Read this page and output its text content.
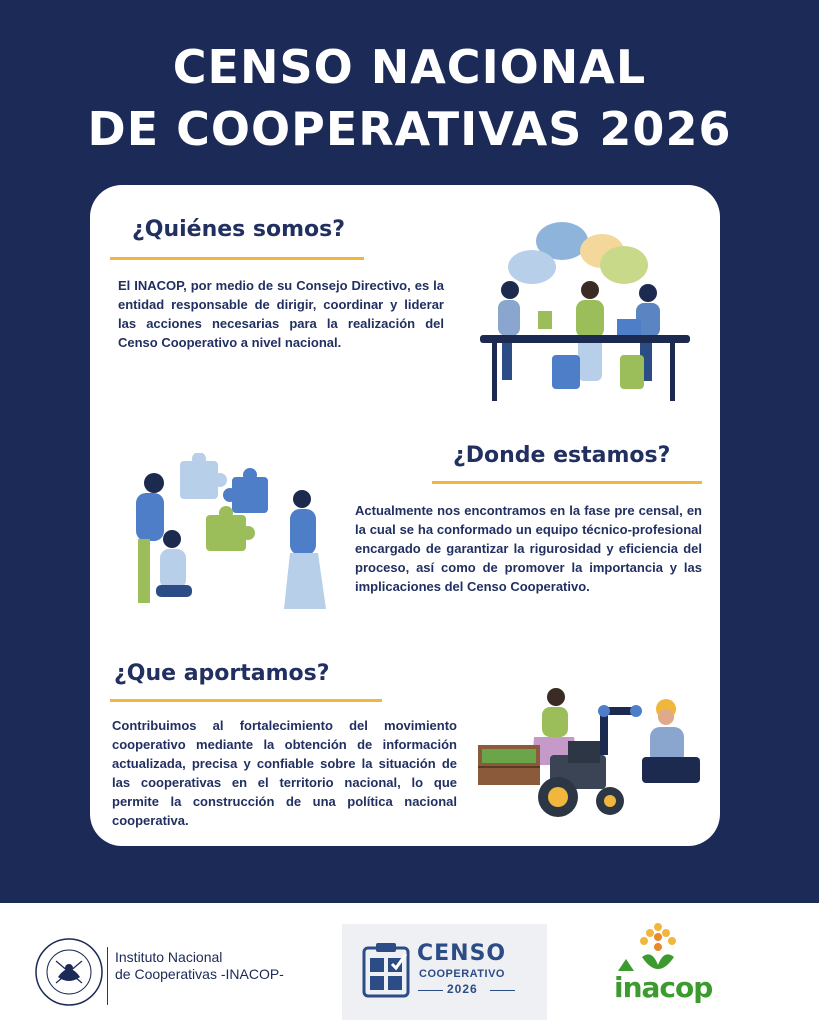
CENSO NACIONAL
DE COOPERATIVAS 2026
¿Quiénes somos?

El INACOP, por medio de su Consejo Directivo, es la entidad responsable de dirigir, coordinar y liderar las acciones necesarias para la realización del Censo Cooperativo a nivel nacional.

¿Donde estamos?

Actualmente nos encontramos en la fase pre censal, en la cual se ha conformado un equipo técnico-profesional encargado de garantizar la rigurosidad y eficiencia del proceso, así como de promover la importancia y las implicaciones del Censo Cooperativo.

¿Que aportamos?

Contribuimos al fortalecimiento del movimiento cooperativo mediante la obtención de información actualizada, precisa y confiable sobre la situación de las cooperativas en el territorio nacional, lo que permite la construcción de una política nacional cooperativa.

Instituto Nacional
de Cooperativas -INACOP-
CENSO
COOPERATIVO
2026	inacop
